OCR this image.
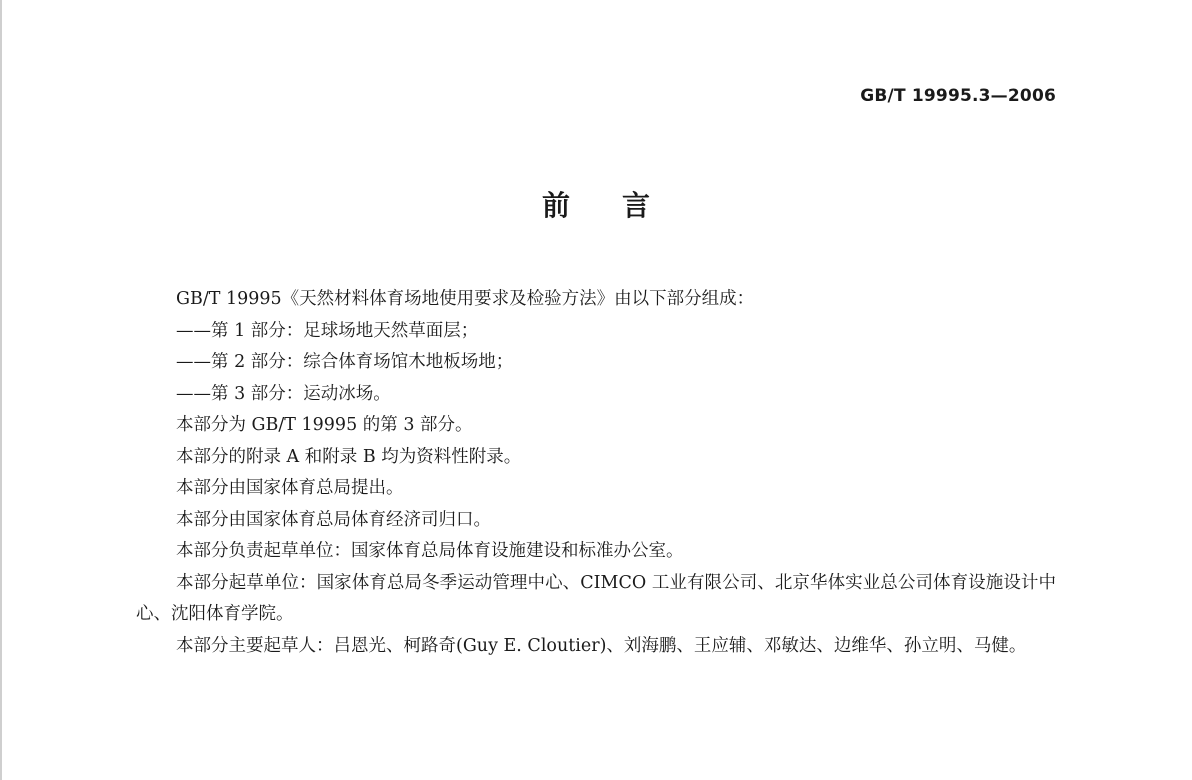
GB/T 19995.3—2006
前 言

GB/T 19995《天然材料体育场地使用要求及检验方法》由以下部分组成：

——第 1 部分：足球场地天然草面层；

——第 2 部分：综合体育场馆木地板场地；

——第 3 部分：运动冰场。

本部分为 GB/T 19995 的第 3 部分。

本部分的附录 A 和附录 B 均为资料性附录。

本部分由国家体育总局提出。

本部分由国家体育总局体育经济司归口。

本部分负责起草单位：国家体育总局体育设施建设和标准办公室。

本部分起草单位：国家体育总局冬季运动管理中心、CIMCO 工业有限公司、北京华体实业总公司体育设施设计中心、沈阳体育学院。

本部分主要起草人：吕恩光、柯路奇(Guy E. Cloutier)、刘海鹏、王应辅、邓敏达、边维华、孙立明、马健。
